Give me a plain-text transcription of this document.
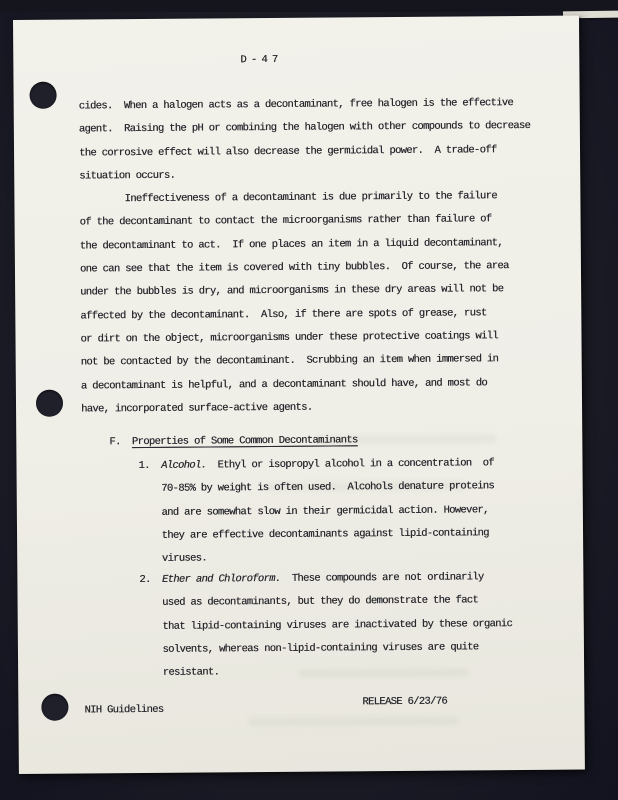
D-47
cides.  When a halogen acts as a decontaminant, free halogen is the effective
agent.  Raising the pH or combining the halogen with other compounds to decrease
the corrosive effect will also decrease the germicidal power.  A trade-off
situation occurs.
Ineffectiveness of a decontaminant is due primarily to the failure
of the decontaminant to contact the microorganisms rather than failure of
the decontaminant to act.  If one places an item in a liquid decontaminant,
one can see that the item is covered with tiny bubbles.  Of course, the area
under the bubbles is dry, and microorganisms in these dry areas will not be
affected by the decontaminant.  Also, if there are spots of grease, rust
or dirt on the object, microorganisms under these protective coatings will
not be contacted by the decontaminant.  Scrubbing an item when immersed in
a decontaminant is helpful, and a decontaminant should have, and most do
have, incorporated surface-active agents.
F.  Properties of Some Common Decontaminants
1.  Alcohol.  Ethyl or isopropyl alcohol in a concentration  of
70-85% by weight is often used.  Alcohols denature proteins
and are somewhat slow in their germicidal action. However,
they are effective decontaminants against lipid-containing
viruses.
2.  Ether and Chloroform.  These compounds are not ordinarily
used as decontaminants, but they do demonstrate the fact
that lipid-containing viruses are inactivated by these organic
solvents, whereas non-lipid-containing viruses are quite
resistant.
NIH Guidelines
RELEASE 6/23/76
